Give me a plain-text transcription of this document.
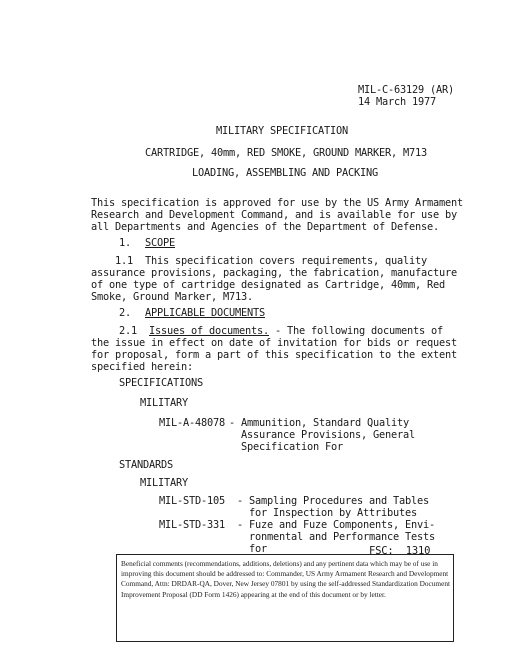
MIL-C-63129 (AR)
14 March 1977
MILITARY SPECIFICATION
CARTRIDGE, 40mm, RED SMOKE, GROUND MARKER, M713
LOADING, ASSEMBLING AND PACKING
This specification is approved for use by the US Army Armament
Research and Development Command, and is available for use by
all Departments and Agencies of the Department of Defense.
1. SCOPE
1.1  This specification covers requirements, quality
assurance provisions, packaging, the fabrication, manufacture
of one type of cartridge designated as Cartridge, 40mm, Red
Smoke, Ground Marker, M713.
2. APPLICABLE DOCUMENTS
2.1 Issues of documents. - The following documents of
the issue in effect on date of invitation for bids or request
for proposal, form a part of this specification to the extent
specified herein:
SPECIFICATIONS
MILITARY
MIL-A-48078 - Ammunition, Standard Quality
Assurance Provisions, General
Specification For
STANDARDS
MILITARY
MIL-STD-105 - Sampling Procedures and Tables
for Inspection by Attributes
MIL-STD-331 - Fuze and Fuze Components, Envi-
ronmental and Performance Tests
for	FSC:  1310
Beneficial comments (recommendations, additions, deletions) and any pertinent data which may be of use in improving this document should be addressed to: Commander, US Army Armament Research and Development Command, Attn: DRDAR-QA, Dover, New Jersey 07801 by using the self-addressed Standardization Document Improvement Proposal (DD Form 1426) appearing at the end of this document or by letter.
